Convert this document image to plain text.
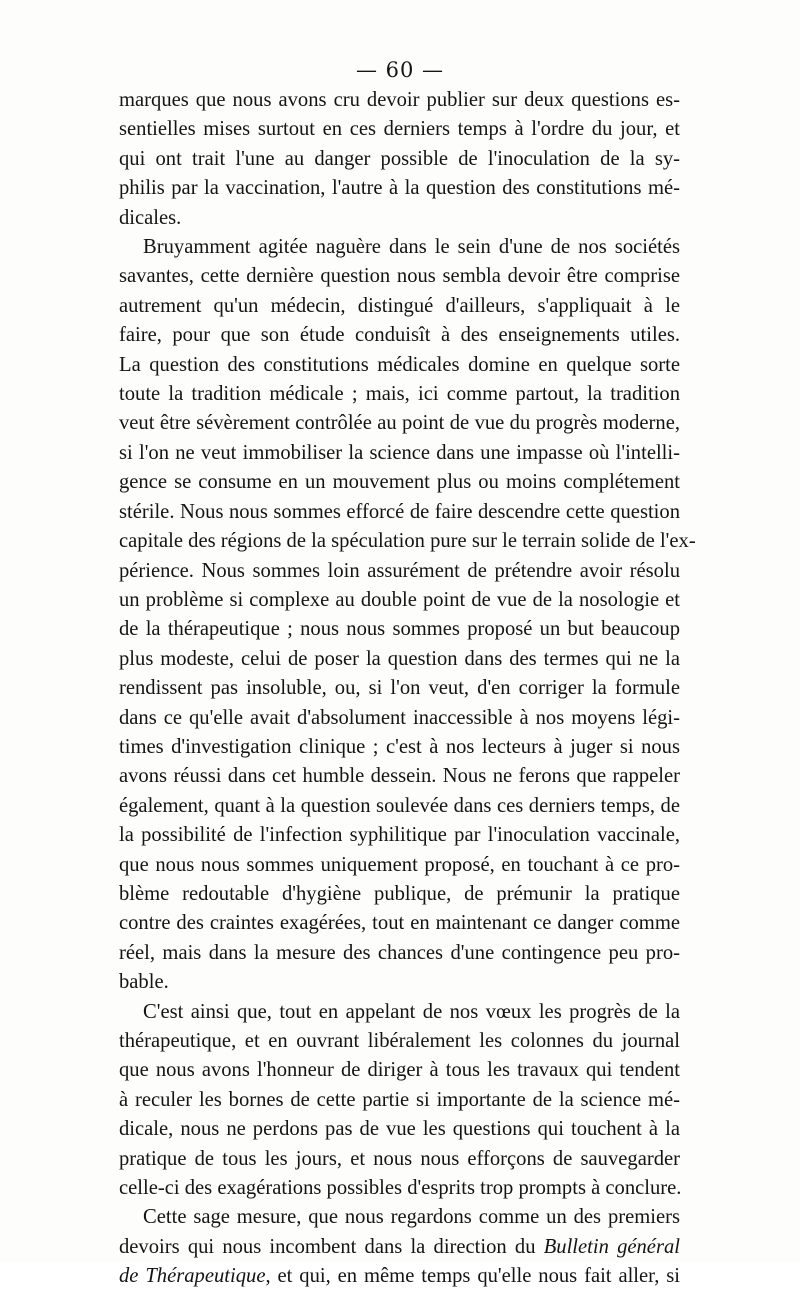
— 60 —

marques que nous avons cru devoir publier sur deux questions es-
sentielles mises surtout en ces derniers temps à l'ordre du jour, et
qui ont trait l'une au danger possible de l'inoculation de la sy-
philis par la vaccination, l'autre à la question des constitutions mé-
dicales.

Bruyamment agitée naguère dans le sein d'une de nos sociétés
savantes, cette dernière question nous sembla devoir être comprise
autrement qu'un médecin, distingué d'ailleurs, s'appliquait à le
faire, pour que son étude conduisît à des enseignements utiles.
La question des constitutions médicales domine en quelque sorte
toute la tradition médicale ; mais, ici comme partout, la tradition
veut être sévèrement contrôlée au point de vue du progrès moderne,
si l'on ne veut immobiliser la science dans une impasse où l'intelli-
gence se consume en un mouvement plus ou moins complétement
stérile. Nous nous sommes efforcé de faire descendre cette question
capitale des régions de la spéculation pure sur le terrain solide de l'ex-
périence. Nous sommes loin assurément de prétendre avoir résolu
un problème si complexe au double point de vue de la nosologie et
de la thérapeutique ; nous nous sommes proposé un but beaucoup
plus modeste, celui de poser la question dans des termes qui ne la
rendissent pas insoluble, ou, si l'on veut, d'en corriger la formule
dans ce qu'elle avait d'absolument inaccessible à nos moyens légi-
times d'investigation clinique ; c'est à nos lecteurs à juger si nous
avons réussi dans cet humble dessein. Nous ne ferons que rappeler
également, quant à la question soulevée dans ces derniers temps, de
la possibilité de l'infection syphilitique par l'inoculation vaccinale,
que nous nous sommes uniquement proposé, en touchant à ce pro-
blème redoutable d'hygiène publique, de prémunir la pratique
contre des craintes exagérées, tout en maintenant ce danger comme
réel, mais dans la mesure des chances d'une contingence peu pro-
bable.

C'est ainsi que, tout en appelant de nos vœux les progrès de la
thérapeutique, et en ouvrant libéralement les colonnes du journal
que nous avons l'honneur de diriger à tous les travaux qui tendent
à reculer les bornes de cette partie si importante de la science mé-
dicale, nous ne perdons pas de vue les questions qui touchent à la
pratique de tous les jours, et nous nous efforçons de sauvegarder
celle-ci des exagérations possibles d'esprits trop prompts à conclure.

Cette sage mesure, que nous regardons comme un des premiers
devoirs qui nous incombent dans la direction du Bulletin général
de Thérapeutique, et qui, en même temps qu'elle nous fait aller, si
